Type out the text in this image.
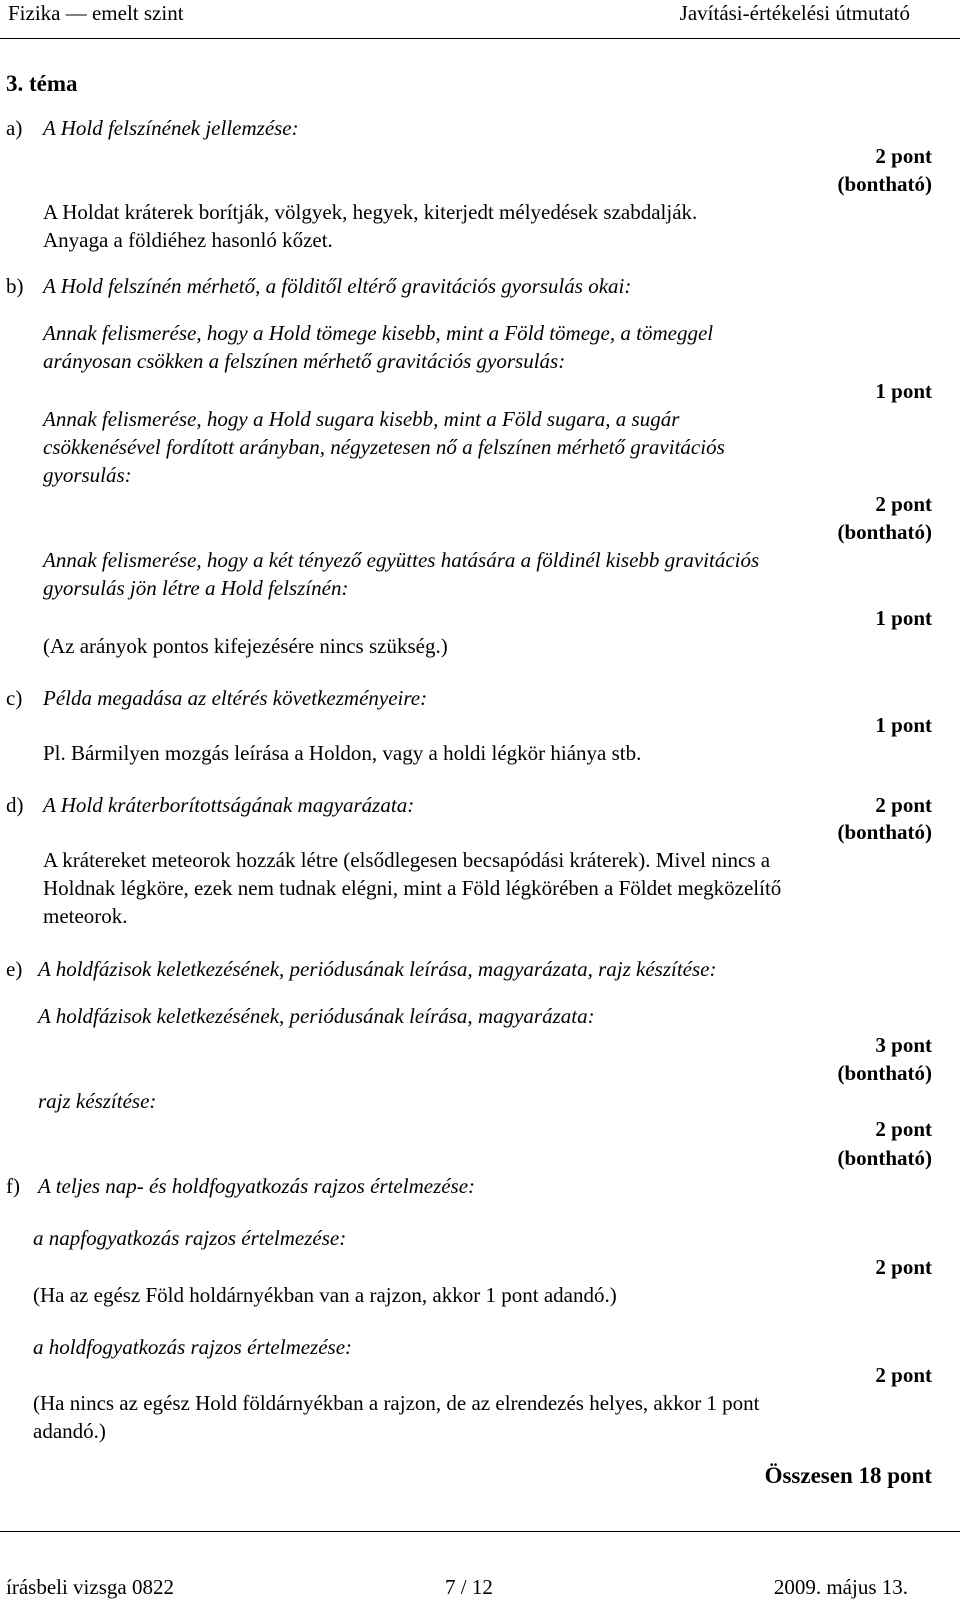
Fizika — emelt szint	Javítási-értékelési útmutató
3. téma
a) A Hold felszínének jellemzése:
2 pont
(bontható)
A Holdat kráterek borítják, völgyek, hegyek, kiterjedt mélyedések szabdalják.
Anyaga a földiéhez hasonló kőzet.
b) A Hold felszínén mérhető, a földitől eltérő gravitációs gyorsulás okai:
Annak felismerése, hogy a Hold tömege kisebb, mint a Föld tömege, a tömeggel
arányosan csökken a felszínen mérhető gravitációs gyorsulás:
1 pont
Annak felismerése, hogy a Hold sugara kisebb, mint a Föld sugara, a sugár
csökkenésével fordított arányban, négyzetesen nő a felszínen mérhető gravitációs
gyorsulás:
2 pont
(bontható)
Annak felismerése, hogy a két tényező együttes hatására a földinél kisebb gravitációs
gyorsulás jön létre a Hold felszínén:
1 pont
(Az arányok pontos kifejezésére nincs szükség.)
c) Példa megadása az eltérés következményeire:
1 pont
Pl. Bármilyen mozgás leírása a Holdon, vagy a holdi légkör hiánya stb.
d) A Hold kráterborítottságának magyarázata:	2 pont
(bontható)
A krátereket meteorok hozzák létre (elsődlegesen becsapódási kráterek). Mivel nincs a
Holdnak légköre, ezek nem tudnak elégni, mint a Föld légkörében a Földet megközelítő
meteorok.
e) A holdfázisok keletkezésének, periódusának leírása, magyarázata, rajz készítése:
A holdfázisok keletkezésének, periódusának leírása, magyarázata:
3 pont
(bontható)
rajz készítése:
2 pont
(bontható)
f) A teljes nap- és holdfogyatkozás rajzos értelmezése:
a napfogyatkozás rajzos értelmezése:
2 pont
(Ha az egész Föld holdárnyékban van a rajzon, akkor 1 pont adandó.)
a holdfogyatkozás rajzos értelmezése:
2 pont
(Ha nincs az egész Hold földárnyékban a rajzon, de az elrendezés helyes, akkor 1 pont
adandó.)
Összesen 18 pont
írásbeli vizsga 0822	7 / 12	2009. május 13.
